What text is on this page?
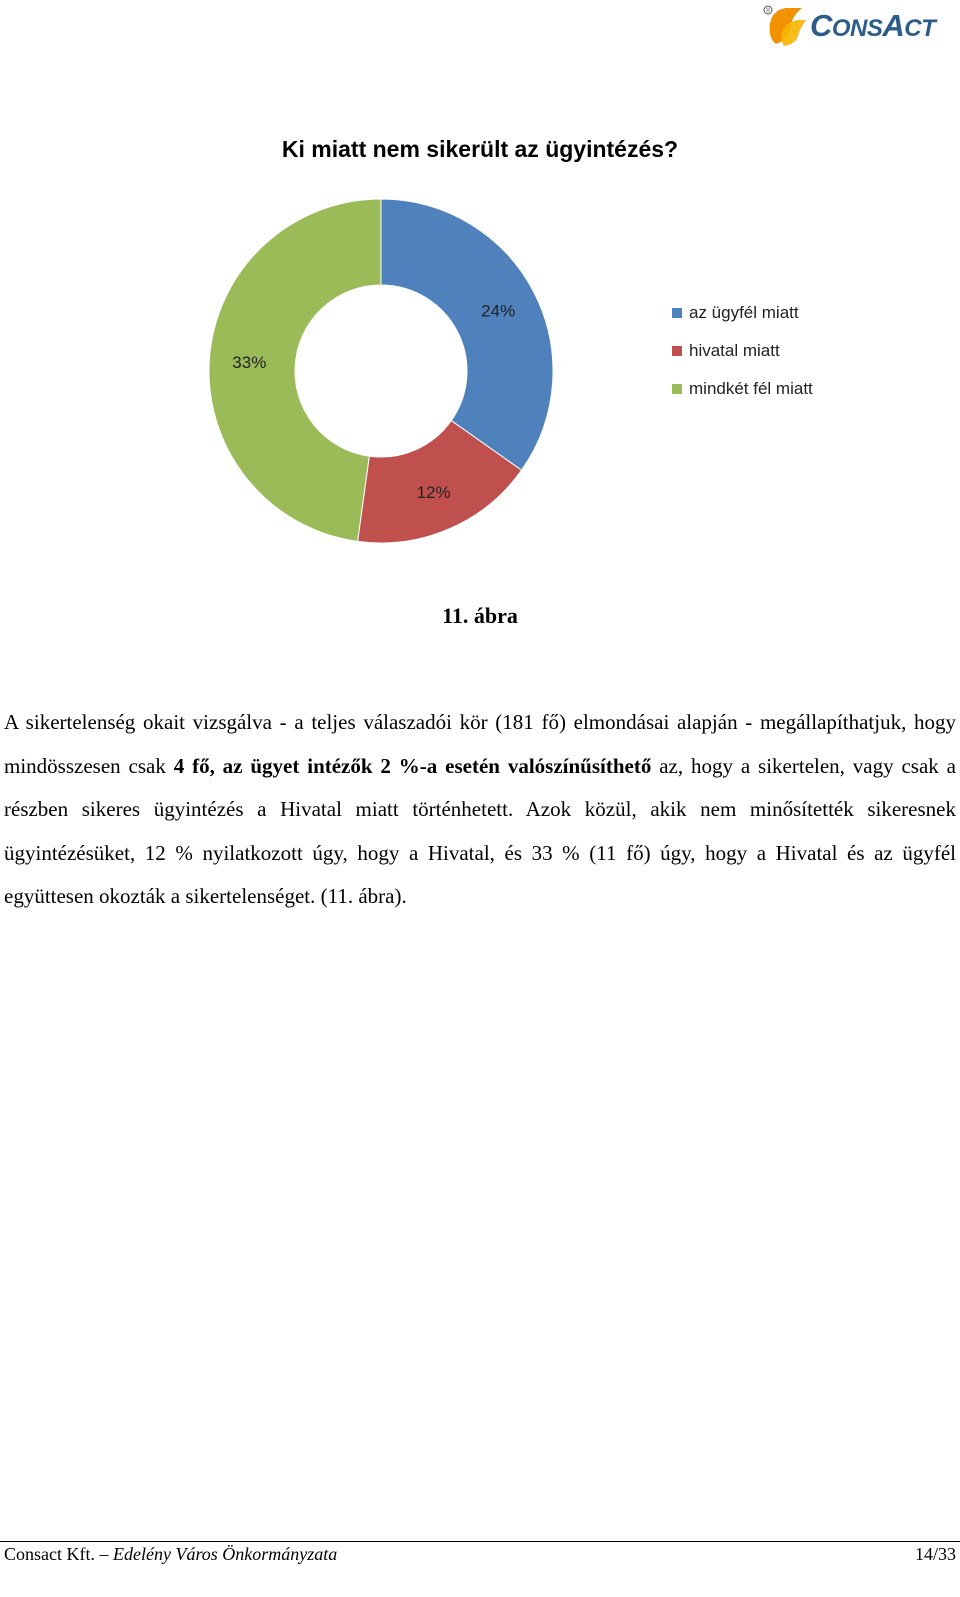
® CONSACT
Ki miatt nem sikerült az ügyintézés?
24%
12%
33%
az ügyfél miatt
hivatal miatt
mindkét fél miatt
11. ábra

A sikertelenség okait vizsgálva - a teljes válaszadói kör (181 fő) elmondásai alapján - megállapíthatjuk, hogy mindösszesen csak 4 fő, az ügyet intézők 2 %-a esetén valószínűsíthető az, hogy a sikertelen, vagy csak a részben sikeres ügyintézés a Hivatal miatt történhetett. Azok közül, akik nem minősítették sikeresnek ügyintézésüket, 12 % nyilatkozott úgy, hogy a Hivatal, és 33 % (11 fő) úgy, hogy a Hivatal és az ügyfél együttesen okozták a sikertelenséget. (11. ábra).

Consact Kft. – Edelény Város Önkormányzata	14/33
